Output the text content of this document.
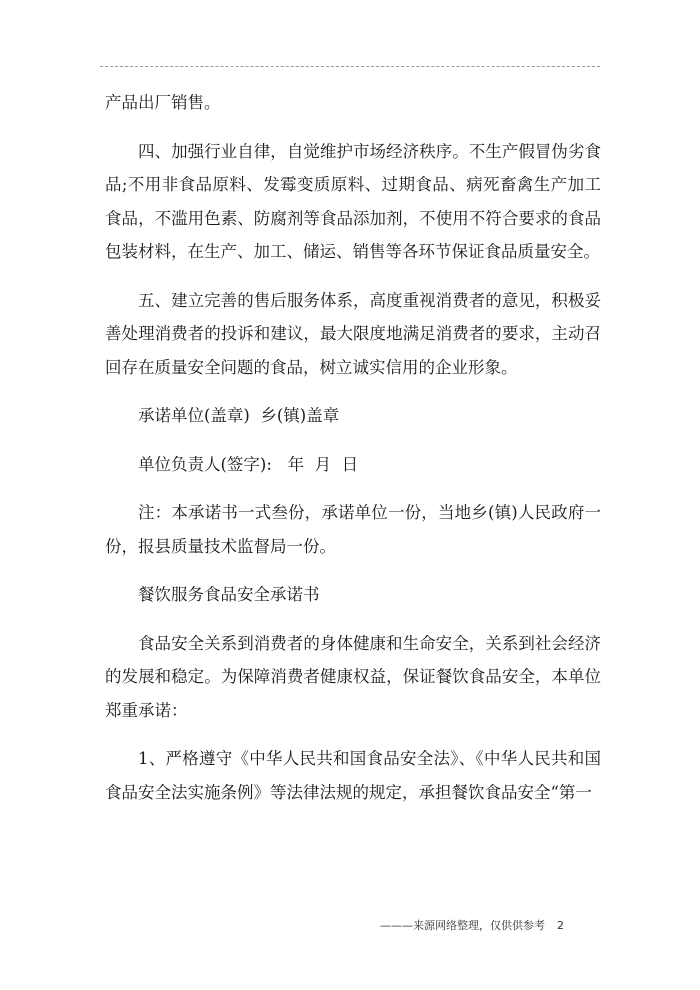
产品出厂销售。

四、加强行业自律，自觉维护市场经济秩序。不生产假冒伪劣食品;不用非食品原料、发霉变质原料、过期食品、病死畜禽生产加工食品，不滥用色素、防腐剂等食品添加剂，不使用不符合要求的食品包装材料，在生产、加工、储运、销售等各环节保证食品质量安全。

五、建立完善的售后服务体系，高度重视消费者的意见，积极妥善处理消费者的投诉和建议，最大限度地满足消费者的要求，主动召回存在质量安全问题的食品，树立诚实信用的企业形象。

承诺单位(盖章)  乡(镇)盖章

单位负责人(签字):   年  月  日

注：本承诺书一式叁份，承诺单位一份，当地乡(镇)人民政府一份，报县质量技术监督局一份。

餐饮服务食品安全承诺书

食品安全关系到消费者的身体健康和生命安全，关系到社会经济的发展和稳定。为保障消费者健康权益，保证餐饮食品安全，本单位郑重承诺：

1、严格遵守《中华人民共和国食品安全法》、《中华人民共和国食品安全法实施条例》等法律法规的规定，承担餐饮食品安全“第一

———来源网络整理，仅供供参考 2
